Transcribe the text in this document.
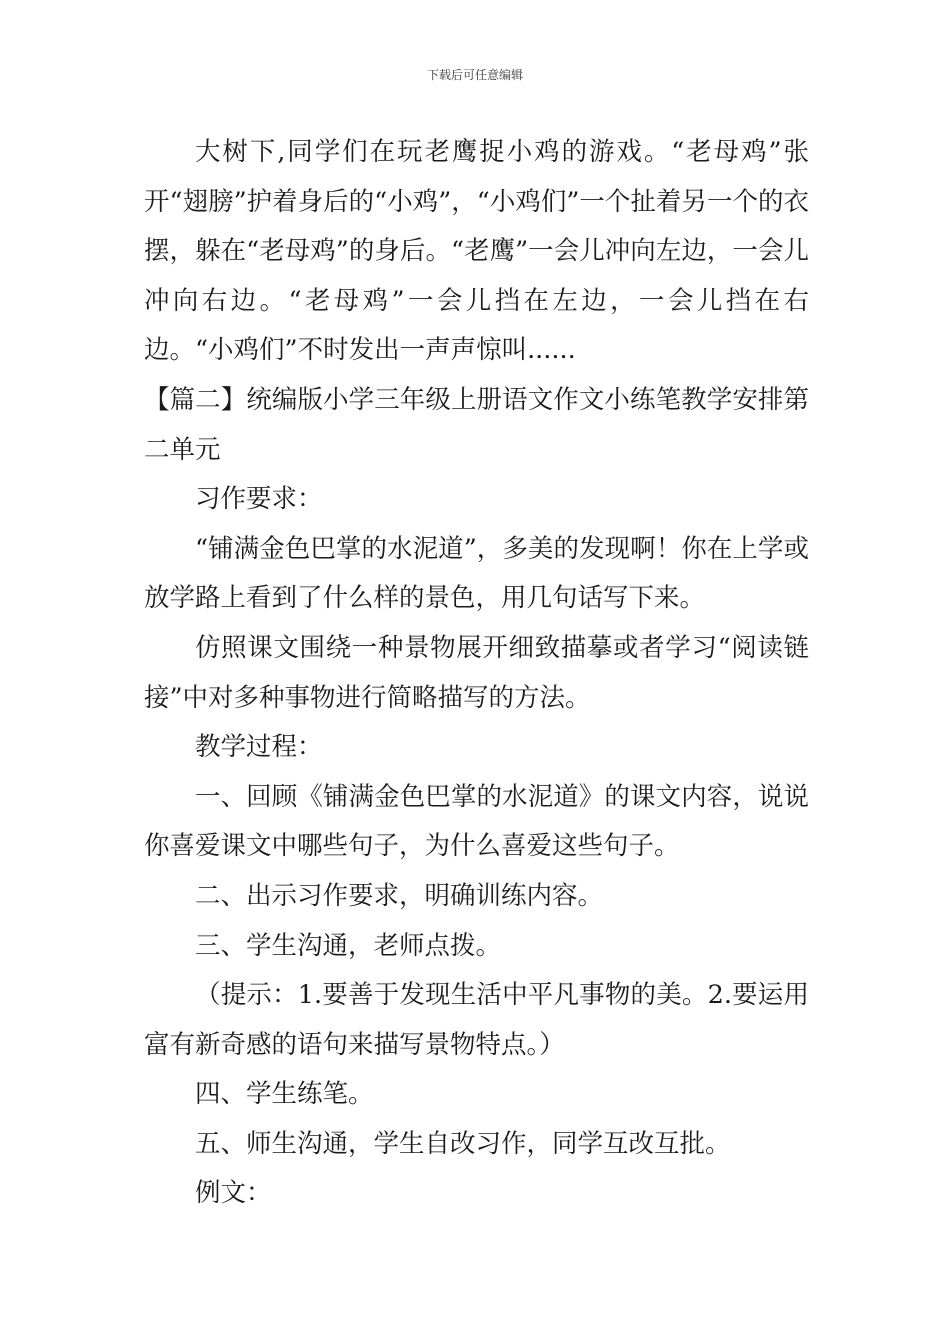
下载后可任意编辑

大树下,同学们在玩老鹰捉小鸡的游戏。“老母鸡”张开“翅膀”护着身后的“小鸡”，“小鸡们”一个扯着另一个的衣摆，躲在“老母鸡”的身后。“老鹰”一会儿冲向左边，一会儿冲向右边。“老母鸡”一会儿挡在左边，一会儿挡在右边。“小鸡们”不时发出一声声惊叫......

【篇二】统编版小学三年级上册语文作文小练笔教学安排第二单元

习作要求：

“铺满金色巴掌的水泥道”，多美的发现啊！你在上学或放学路上看到了什么样的景色，用几句话写下来。

仿照课文围绕一种景物展开细致描摹或者学习“阅读链接”中对多种事物进行简略描写的方法。

教学过程：

一、回顾《铺满金色巴掌的水泥道》的课文内容，说说你喜爱课文中哪些句子，为什么喜爱这些句子。

二、出示习作要求，明确训练内容。

三、学生沟通，老师点拨。

（提示：1.要善于发现生活中平凡事物的美。2.要运用富有新奇感的语句来描写景物特点。）

四、学生练笔。

五、师生沟通，学生自改习作，同学互改互批。

例文：
